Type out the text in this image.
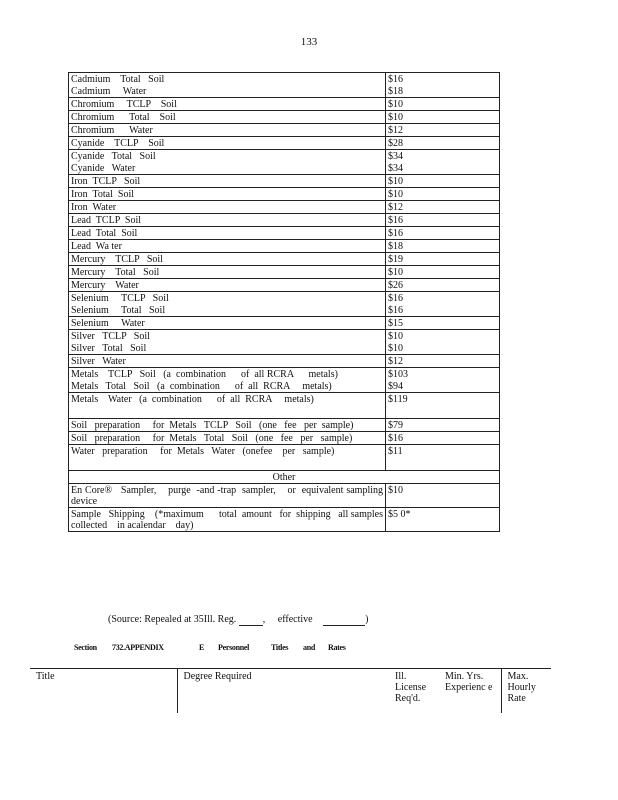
133
Cadmium    Total   Soil	$16
Cadmium     Water	$18
Chromium     TCLP    Soil	$10
Chromium      Total    Soil	$10
Chromium      Water	$12
Cyanide    TCLP    Soil	$28
Cyanide   Total   Soil	$34
Cyanide   Water	$34
Iron  TCLP   Soil	$10
Iron  Total  Soil	$10
Iron  Water	$12
Lead  TCLP  Soil	$16
Lead  Total  Soil	$16
Lead  Wa ter	$18
Mercury    TCLP   Soil	$19
Mercury    Total   Soil	$10
Mercury    Water	$26
Selenium     TCLP   Soil	$16
Selenium     Total   Soil	$16
Selenium     Water	$15
Silver   TCLP   Soil	$10
Silver   Total   Soil	$10
Silver   Water	$12
Metals    TCLP   Soil   (a  combination      of  all RCRA      metals)	$103
Metals   Total   Soil   (a  combination      of  all  RCRA     metals)	$94
Metals    Water   (a  combination      of  all  RCRA     metals)	$119

Soil   preparation     for  Metals   TCLP   Soil   (one   fee   per  sample)	$79
Soil   preparation     for  Metals   Total   Soil   (one   fee   per   sample)	$16
Water   preparation     for  Metals   Water   (onefee    per   sample)	$11

Other	
En Core®   Sampler,    purge  -and -trap  sampler,    or  equivalent sampling   device	$10
Sample   Shipping    (*maximum      total  amount   for  shipping   all samples   collected    in acalendar    day)	$5 0*
(Source: Repealed at 35Ill. Reg.	,     effective	)
Section 732.APPENDIX	E Personnel	Titles and Rates
Title	Degree Required	Ill. License Req'd.	Min. Yrs. Experienc e	Max. Hourly Rate
